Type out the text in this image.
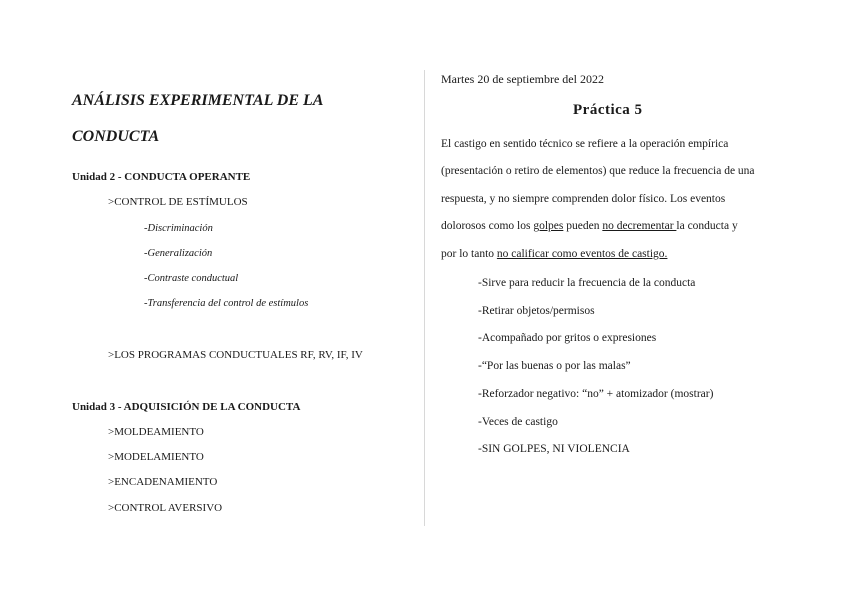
ANÁLISIS EXPERIMENTAL DE LA
CONDUCTA
Unidad 2 - CONDUCTA OPERANTE
>CONTROL DE ESTÍMULOS
-Discriminación
-Generalización
-Contraste conductual
-Transferencia del control de estímulos
>LOS PROGRAMAS CONDUCTUALES RF, RV, IF, IV
Unidad 3 - ADQUISICIÓN DE LA CONDUCTA
>MOLDEAMIENTO
>MODELAMIENTO
>ENCADENAMIENTO
>CONTROL AVERSIVO
Martes 20 de septiembre del 2022
Práctica 5
El castigo en sentido técnico se refiere a la operación empírica
(presentación o retiro de elementos) que reduce la frecuencia de una
respuesta, y no siempre comprenden dolor físico. Los eventos
dolorosos como los golpes pueden no decrementar la conducta y
por lo tanto no calificar como eventos de castigo.
-Sirve para reducir la frecuencia de la conducta
-Retirar objetos/permisos
-Acompañado por gritos o expresiones
-“Por las buenas o por las malas”
-Reforzador negativo: “no” + atomizador (mostrar)
-Veces de castigo
-SIN GOLPES, NI VIOLENCIA
